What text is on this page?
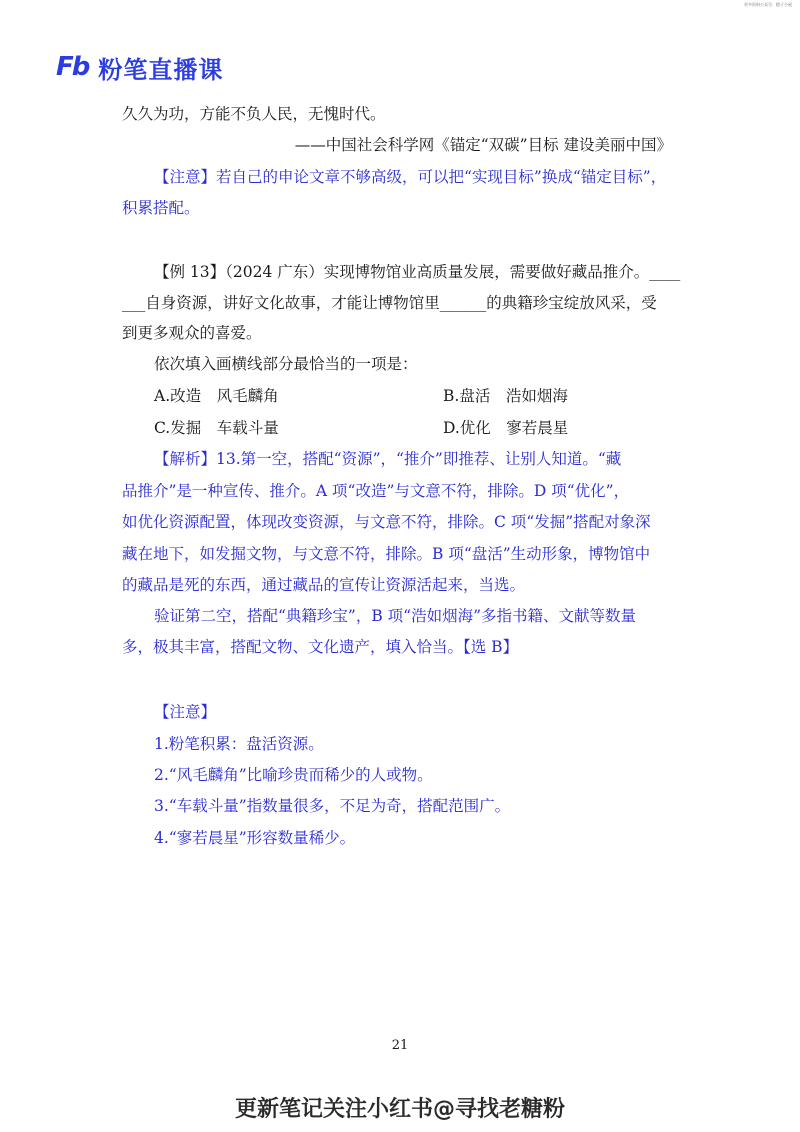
更多资料公众号：橙子小屋
Fb 粉笔直播课
久久为功，方能不负人民，无愧时代。
——中国社会科学网《锚定“双碳”目标 建设美丽中国》
【注意】若自己的申论文章不够高级，可以把“实现目标”换成“锚定目标”，
积累搭配。
【例 13】（2024 广东）实现博物馆业高质量发展，需要做好藏品推介。____
___自身资源，讲好文化故事，才能让博物馆里______的典籍珍宝绽放风采，受
到更多观众的喜爱。
依次填入画横线部分最恰当的一项是：
A.改造　风毛麟角	B.盘活　浩如烟海
C.发掘　车载斗量	D.优化　寥若晨星
【解析】13.第一空，搭配“资源”，“推介”即推荐、让别人知道。“藏
品推介”是一种宣传、推介。A 项“改造”与文意不符，排除。D 项“优化”，
如优化资源配置，体现改变资源，与文意不符，排除。C 项“发掘”搭配对象深
藏在地下，如发掘文物，与文意不符，排除。B 项“盘活”生动形象，博物馆中
的藏品是死的东西，通过藏品的宣传让资源活起来，当选。
验证第二空，搭配“典籍珍宝”，B 项“浩如烟海”多指书籍、文献等数量
多，极其丰富，搭配文物、文化遗产，填入恰当。【选 B】
【注意】
1.粉笔积累：盘活资源。
2.“风毛麟角”比喻珍贵而稀少的人或物。
3.“车载斗量”指数量很多，不足为奇，搭配范围广。
4.“寥若晨星”形容数量稀少。
21
更新笔记关注小红书@寻找老糖粉
